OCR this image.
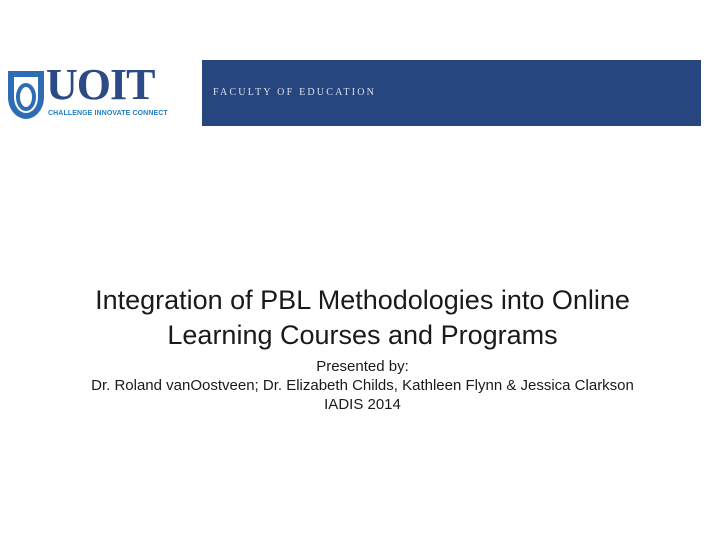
UOIT
CHALLENGE INNOVATE CONNECT
FACULTY OF EDUCATION
Integration of PBL Methodologies into Online
Learning Courses and Programs
Presented by:
Dr. Roland vanOostveen; Dr. Elizabeth Childs, Kathleen Flynn & Jessica Clarkson
IADIS 2014
